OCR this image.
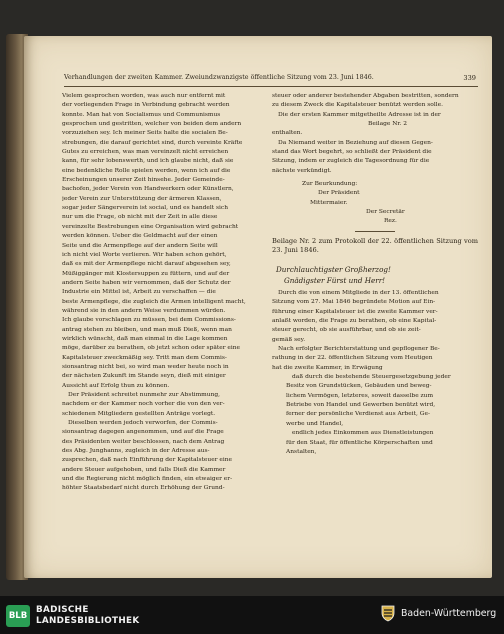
Verhandlungen der zweiten Kammer. Zweiundzwanzigste öffentliche Sitzung vom 23. Juni 1846.	339
Vielem gesprochen worden, was auch nur entfernt mit
der vorliegenden Frage in Verbindung gebracht werden
konnte. Man hat von Socialismus und Communismus
gesprochen und gestritten, welcher von beiden dem andern
vorzuziehen sey. Ich meiner Seits halte die socialen Be-
strebungen, die darauf gerichtet sind, durch vereinte Kräfte
Gutes zu erreichen, was man vereinzelt nicht erreichen
kann, für sehr lobenswerth, und ich glaube nicht, daß sie
eine bedenkliche Rolle spielen werden, wenn ich auf die
Erscheinungen unserer Zeit hinsehe. Jeder Gemeinde-
bachofen, jeder Verein von Handwerkern oder Künstlern,
jeder Verein zur Unterstützung der ärmeren Klassen,
sogar jeder Sängerverein ist social, und es handelt sich
nur um die Frage, ob nicht mit der Zeit in alle diese
vereinzelte Bestrebungen eine Organisation wird gebracht
werden können. Ueber die Geldmacht auf der einen
Seite und die Armenpflege auf der andern Seite will
ich nicht viel Worte verlieren. Wir haben schon gehört,
daß es mit der Armenpflege nicht darauf abgesehen sey,
Müßiggänger mit Klostersuppen zu füttern, und auf der
andern Seite haben wir vernommen, daß der Schutz der
Industrie ein Mittel ist, Arbeit zu verschaffen — die
beste Armenpflege, die zugleich die Armen intelligent macht,
während sie in den andern Weise verdummen würden.
Ich glaube vorschlagen zu müssen, bei dem Commissions-
antrag stehen zu bleiben, und man muß Dieß, wenn man
wirklich wünscht, daß man einmal in die Lage kommen
möge, darüber zu berathen, ob jetzt schon oder später eine
Kapitalsteuer zweckmäßig sey. Tritt man dem Commis-
sionsantrag nicht bei, so wird man weder heute noch in
der nächsten Zukunft im Stande seyn, dieß mit einiger
Aussicht auf Erfolg thun zu können.
Der Präsident schreitet nunmehr zur Abstimmung,
nachdem er der Kammer noch vorher die von den ver-
schiedenen Mitgliedern gestellten Anträge vorlegt.
Dieselben werden jedoch verworfen, der Commis-
sionsantrag dagegen angenommen, und auf die Frage
des Präsidenten weiter beschlossen, nach dem Antrag
des Abg. Junghanns, zugleich in der Adresse aus-
zusprechen, daß nach Einführung der Kapitalsteuer eine
andere Steuer aufgehoben, und falls Dieß die Kammer
und die Regierung nicht möglich finden, ein etwaiger er-
höhter Staatsbedarf nicht durch Erhöhung der Grund-
steuer oder anderer bestehender Abgaben bestritten, sondern
zu diesem Zweck die Kapitalsteuer benützt werden solle.
Die der ersten Kammer mitgetheilte Adresse ist in der
Beilage Nr. 2
enthalten.
Da Niemand weiter in Beziehung auf diesen Gegen-
stand das Wort begehrt, so schließt der Präsident die
Sitzung, indem er zugleich die Tagesordnung für die
nächste verkündigt.
Zur Beurkundung:
Der Präsident
Mittermaier.
Der Secretär
Rez.

Beilage Nr. 2 zum Protokoll der 22. öffentlichen Sitzung vom 23. Juni 1846.

Durchlauchtigster Großherzog!
Gnädigster Fürst und Herr!
Durch die von einem Mitgliede in der 13. öffentlichen
Sitzung vom 27. Mai 1846 begründete Motion auf Ein-
führung einer Kapitalsteuer ist die zweite Kammer ver-
anlaßt worden, die Frage zu berathen, ob eine Kapital-
steuer gerecht, ob sie ausführbar, und ob sie zeit-
gemäß sey.
Nach erfolgter Berichterstattung und gepflogener Be-
rathung in der 22. öffentlichen Sitzung vom Heutigen
hat die zweite Kammer, in Erwägung
daß durch die bestehende Steuergesetzgebung jeder
Besitz von Grundstücken, Gebäuden und beweg-
lichem Vermögen, letzteres, soweit dasselbe zum
Betriebe von Handel und Gewerben benützt wird,
ferner der persönliche Verdienst aus Arbeit, Ge-
werbe und Handel,
endlich jedes Einkommen aus Dienstleistungen
für den Staat, für öffentliche Körperschaften und
Anstalten,
BLB
BADISCHE
LANDESBIBLIOTHEK
Baden-Württemberg
